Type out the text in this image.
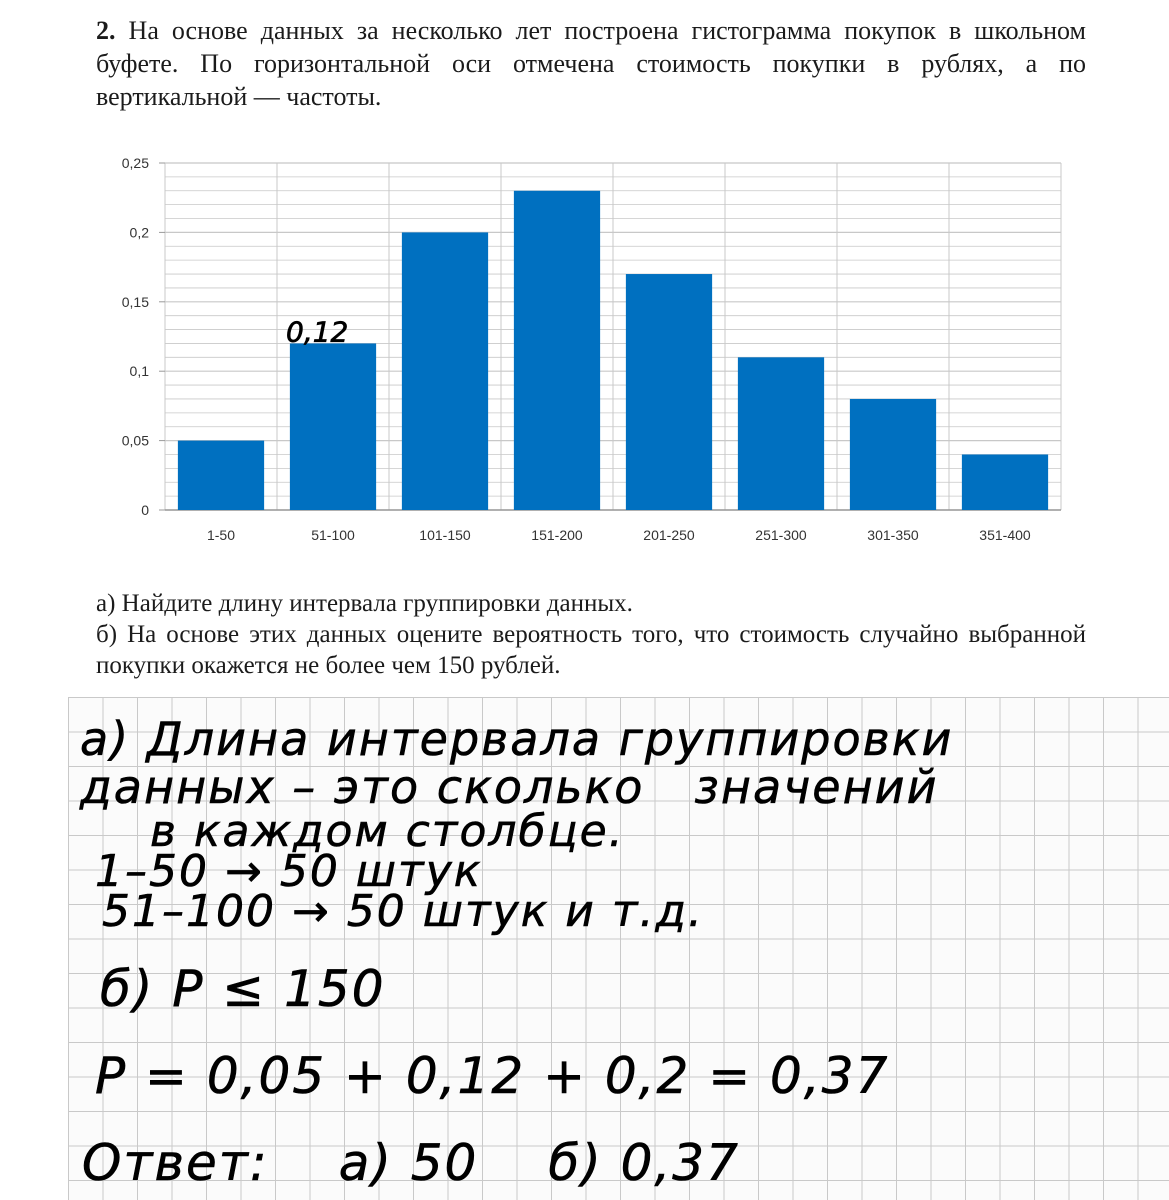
2. На основе данных за несколько лет построена гистограмма покупок в школьном буфете. По горизонтальной оси отмечена стоимость покупки в рублях, а по вертикальной — частоты.
0
0,05
0,1
0,15
0,2
0,25
1-50	51-100	101-150	151-200	201-250	251-300	301-350	351-400
0,12
а) Найдите длину интервала группировки данных.
б) На основе этих данных оцените вероятность того, что стоимость случайно выбранной покупки окажется не более чем 150 рублей.
а) Длина интервала группировки
данных – это сколько значений
в каждом столбце.
1–50 → 50 штук
51–100 → 50 штук и т.д.
б) P ≤ 150
P = 0,05 + 0,12 + 0,2 = 0,37
Ответ: а) 50 б) 0,37
